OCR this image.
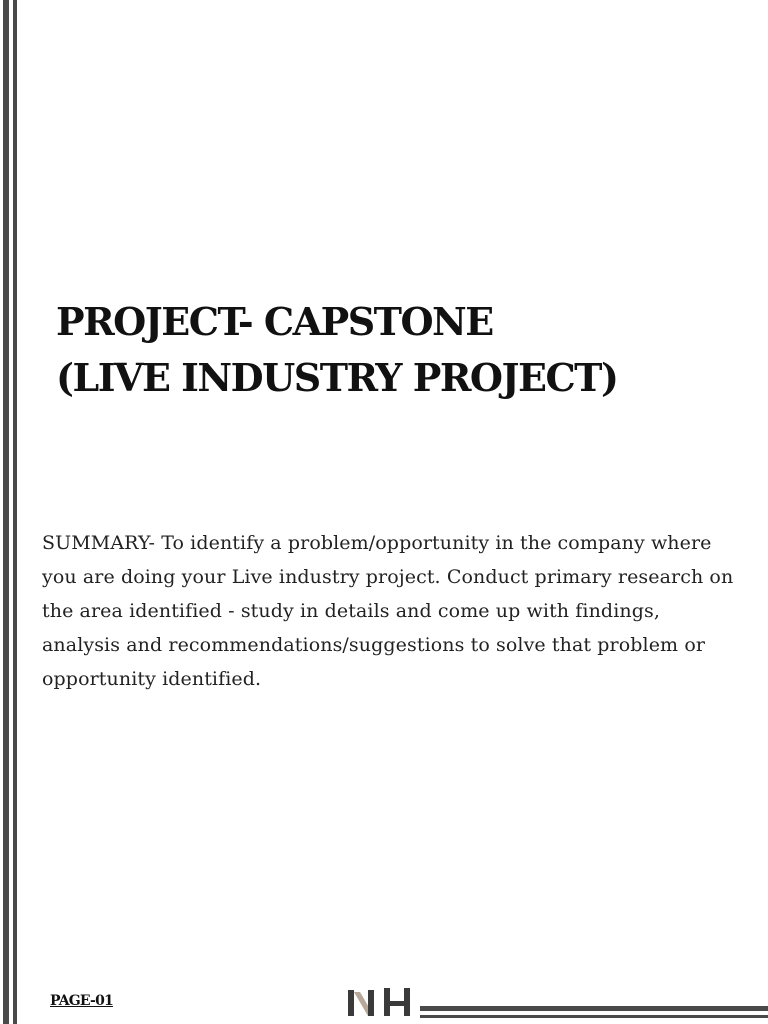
PROJECT- CAPSTONE
(LIVE INDUSTRY PROJECT)
SUMMARY- To identify a problem/opportunity in the company where you are doing your Live industry project. Conduct primary research on the area identified - study in details and come up with findings, analysis and recommendations/suggestions to solve that problem or opportunity identified.
PAGE-01
